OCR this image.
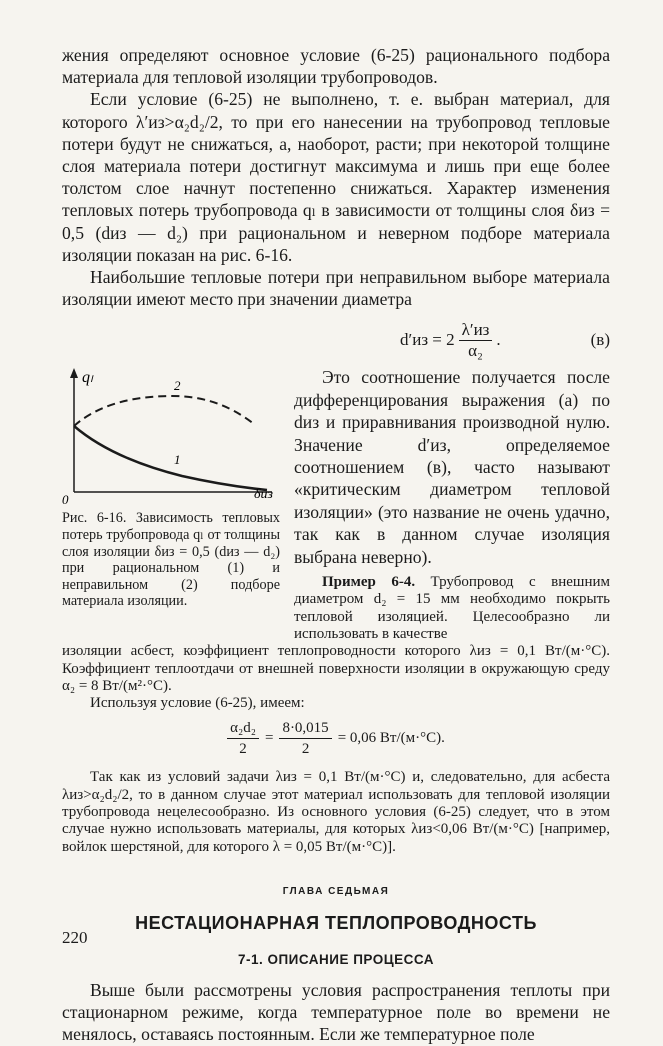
жения определяют основное условие (6-25) рационального подбора материала для тепловой изоляции трубопроводов.

Если условие (6-25) не выполнено, т. е. выбран материал, для которого λ′из>α₂d₂/2, то при его нанесении на трубопровод тепловые потери будут не снижаться, а, наоборот, расти; при некоторой толщине слоя материала потери достигнут максимума и лишь при еще более толстом слое начнут постепенно снижаться. Характер изменения тепловых потерь трубопровода qₗ в зависимости от толщины слоя δиз = 0,5 (dиз — d₂) при рациональном и неверном подборе материала изоляции показан на рис. 6-16.

Наибольшие тепловые потери при неправильном выборе материала изоляции имеют место при значении диаметра

$d'из = 2 \frac{\lambda'из}{\text{α₂}}$ .	(в)
qₗ
δиз
0
2
1

Рис. 6-16. Зависимость тепловых потерь трубопровода qₗ от толщины слоя изоляции δиз = 0,5 (dиз — d₂) при рациональном (1) и неправильном (2) подборе материала изоляции.

Это соотношение получается после дифференцирования выражения (а) по dиз и приравнивания производной нулю. Значение d′из, определяемое соотношением (в), часто называют «критическим диаметром тепловой изоляции» (это название не очень удачно, так как в данном случае изоляция выбрана неверно).

Пример 6-4. Трубопровод с внешним диаметром d₂ = 15 мм необходимо покрыть тепловой изоляцией. Целесообразно ли использовать в качестве

изоляции асбест, коэффициент теплопроводности которого λиз = 0,1 Вт/(м·°С). Коэффициент теплоотдачи от внешней поверхности изоляции в окружающую среду α₂ = 8 Вт/(м²·°С).

Используя условие (6-25), имеем:

$\frac{\text{α₂d₂}}{2} = \frac{8\cdot 0,015}{2} = 0,06$ Вт/(м·°С).

Так как из условий задачи λиз = 0,1 Вт/(м·°С) и, следовательно, для асбеста λиз>α₂d₂/2, то в данном случае этот материал использовать для тепловой изоляции трубопровода нецелесообразно. Из основного условия (6-25) следует, что в этом случае нужно использовать материалы, для которых λиз<0,06 Вт/(м·°С) [например, войлок шерстяной, для которого λ = 0,05 Вт/(м·°С)].

ГЛАВА СЕДЬМАЯ
НЕСТАЦИОНАРНАЯ ТЕПЛОПРОВОДНОСТЬ
7-1. ОПИСАНИЕ ПРОЦЕССА

Выше были рассмотрены условия распространения теплоты при стационарном режиме, когда температурное поле во времени не менялось, оставаясь постоянным. Если же температурное поле

220
